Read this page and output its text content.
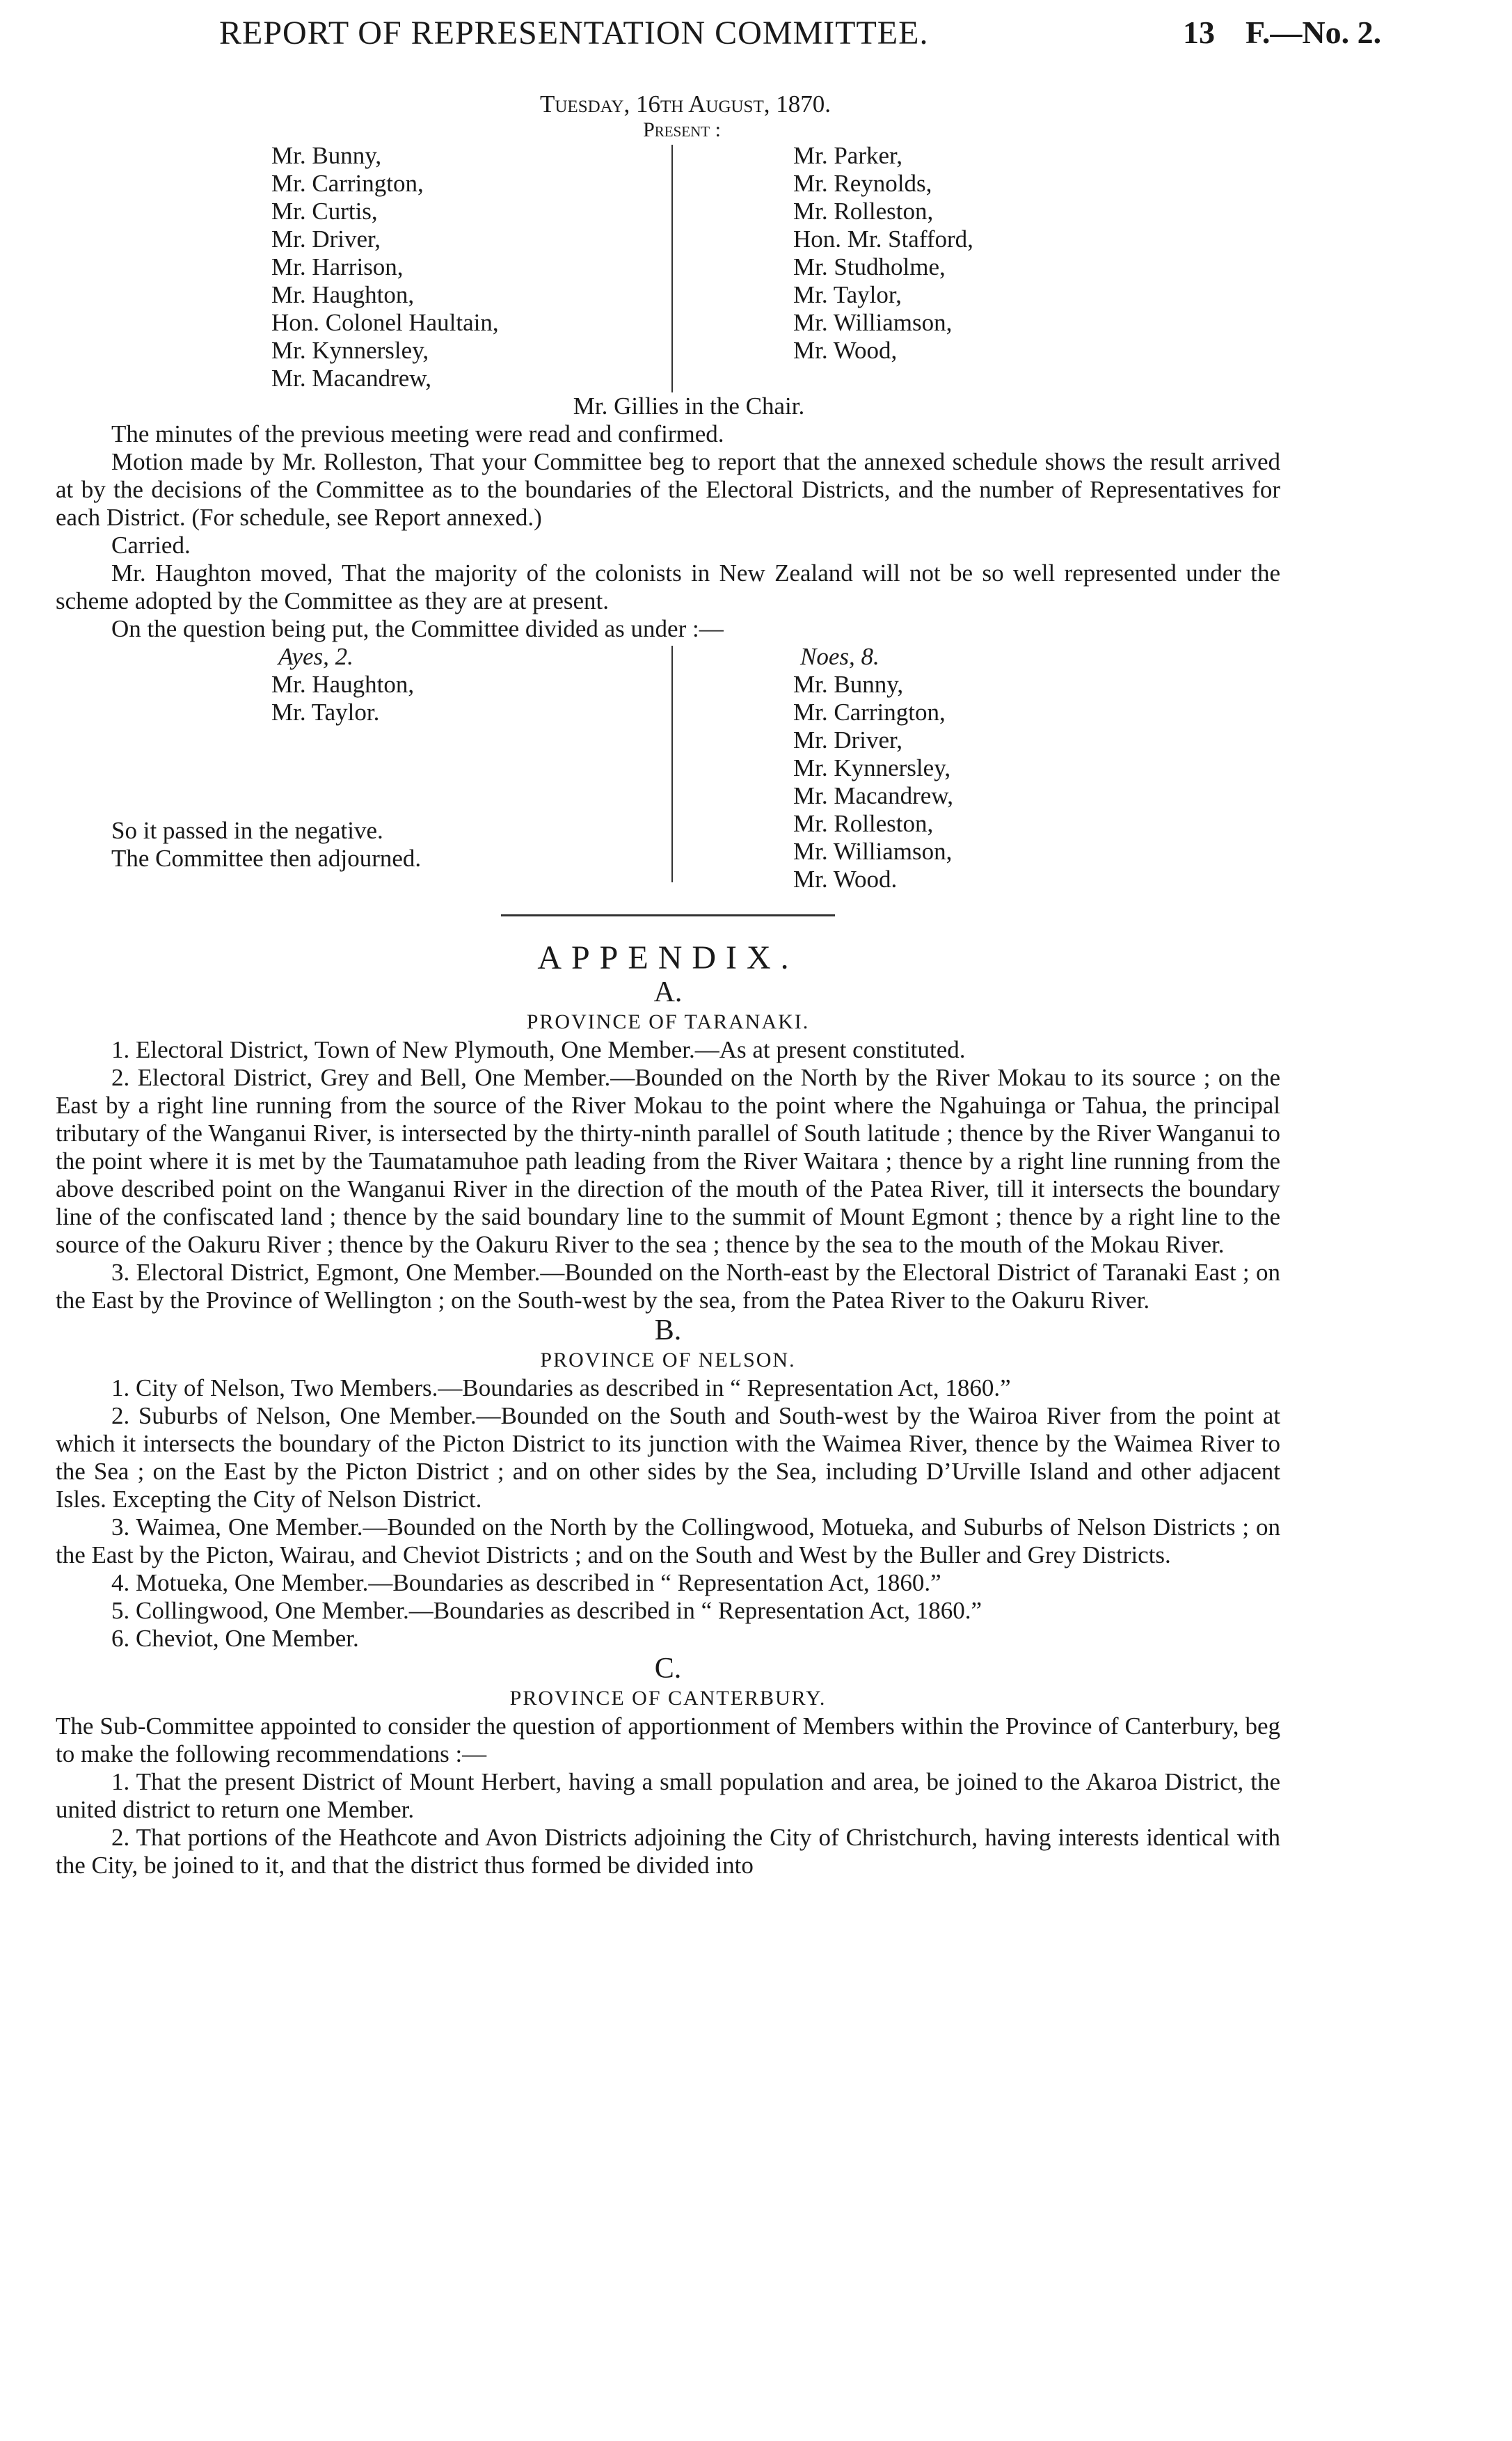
REPORT OF REPRESENTATION COMMITTEE.	13 F.—No. 2.
Tuesday, 16th August, 1870.
Present :
Mr. Bunny,
Mr. Carrington,
Mr. Curtis,
Mr. Driver,
Mr. Harrison,
Mr. Haughton,
Hon. Colonel Haultain,
Mr. Kynnersley,
Mr. Macandrew,
Mr. Parker,
Mr. Reynolds,
Mr. Rolleston,
Hon. Mr. Stafford,
Mr. Studholme,
Mr. Taylor,
Mr. Williamson,
Mr. Wood,
Mr. Gillies in the Chair.

The minutes of the previous meeting were read and confirmed.

Motion made by Mr. Rolleston, That your Committee beg to report that the annexed schedule shows the result arrived at by the decisions of the Committee as to the boundaries of the Electoral Districts, and the number of Representatives for each District. (For schedule, see Report annexed.)

Carried.

Mr. Haughton moved, That the majority of the colonists in New Zealand will not be so well represented under the scheme adopted by the Committee as they are at present.

On the question being put, the Committee divided as under :—

Ayes, 2.
Mr. Haughton,
Mr. Taylor.
Noes, 8.
Mr. Bunny,
Mr. Carrington,
Mr. Driver,
Mr. Kynnersley,
Mr. Macandrew,
Mr. Rolleston,
Mr. Williamson,
Mr. Wood.

So it passed in the negative.

The Committee then adjourned.

APPENDIX.
A.
PROVINCE OF TARANAKI.

1. Electoral District, Town of New Plymouth, One Member.—As at present constituted.

2. Electoral District, Grey and Bell, One Member.—Bounded on the North by the River Mokau to its source ; on the East by a right line running from the source of the River Mokau to the point where the Ngahuinga or Tahua, the principal tributary of the Wanganui River, is intersected by the thirty-ninth parallel of South latitude ; thence by the River Wanganui to the point where it is met by the Taumatamuhoe path leading from the River Waitara ; thence by a right line running from the above described point on the Wanganui River in the direction of the mouth of the Patea River, till it intersects the boundary line of the confiscated land ; thence by the said boundary line to the summit of Mount Egmont ; thence by a right line to the source of the Oakuru River ; thence by the Oakuru River to the sea ; thence by the sea to the mouth of the Mokau River.

3. Electoral District, Egmont, One Member.—Bounded on the North-east by the Electoral District of Taranaki East ; on the East by the Province of Wellington ; on the South-west by the sea, from the Patea River to the Oakuru River.

B.
PROVINCE OF NELSON.

1. City of Nelson, Two Members.—Boundaries as described in “ Representation Act, 1860.”

2. Suburbs of Nelson, One Member.—Bounded on the South and South-west by the Wairoa River from the point at which it intersects the boundary of the Picton District to its junction with the Waimea River, thence by the Waimea River to the Sea ; on the East by the Picton District ; and on other sides by the Sea, including D’Urville Island and other adjacent Isles. Excepting the City of Nelson District.

3. Waimea, One Member.—Bounded on the North by the Collingwood, Motueka, and Suburbs of Nelson Districts ; on the East by the Picton, Wairau, and Cheviot Districts ; and on the South and West by the Buller and Grey Districts.

4. Motueka, One Member.—Boundaries as described in “ Representation Act, 1860.”

5. Collingwood, One Member.—Boundaries as described in “ Representation Act, 1860.”

6. Cheviot, One Member.

C.
PROVINCE OF CANTERBURY.

The Sub-Committee appointed to consider the question of apportionment of Members within the Province of Canterbury, beg to make the following recommendations :—

1. That the present District of Mount Herbert, having a small population and area, be joined to the Akaroa District, the united district to return one Member.

2. That portions of the Heathcote and Avon Districts adjoining the City of Christchurch, having interests identical with the City, be joined to it, and that the district thus formed be divided into
